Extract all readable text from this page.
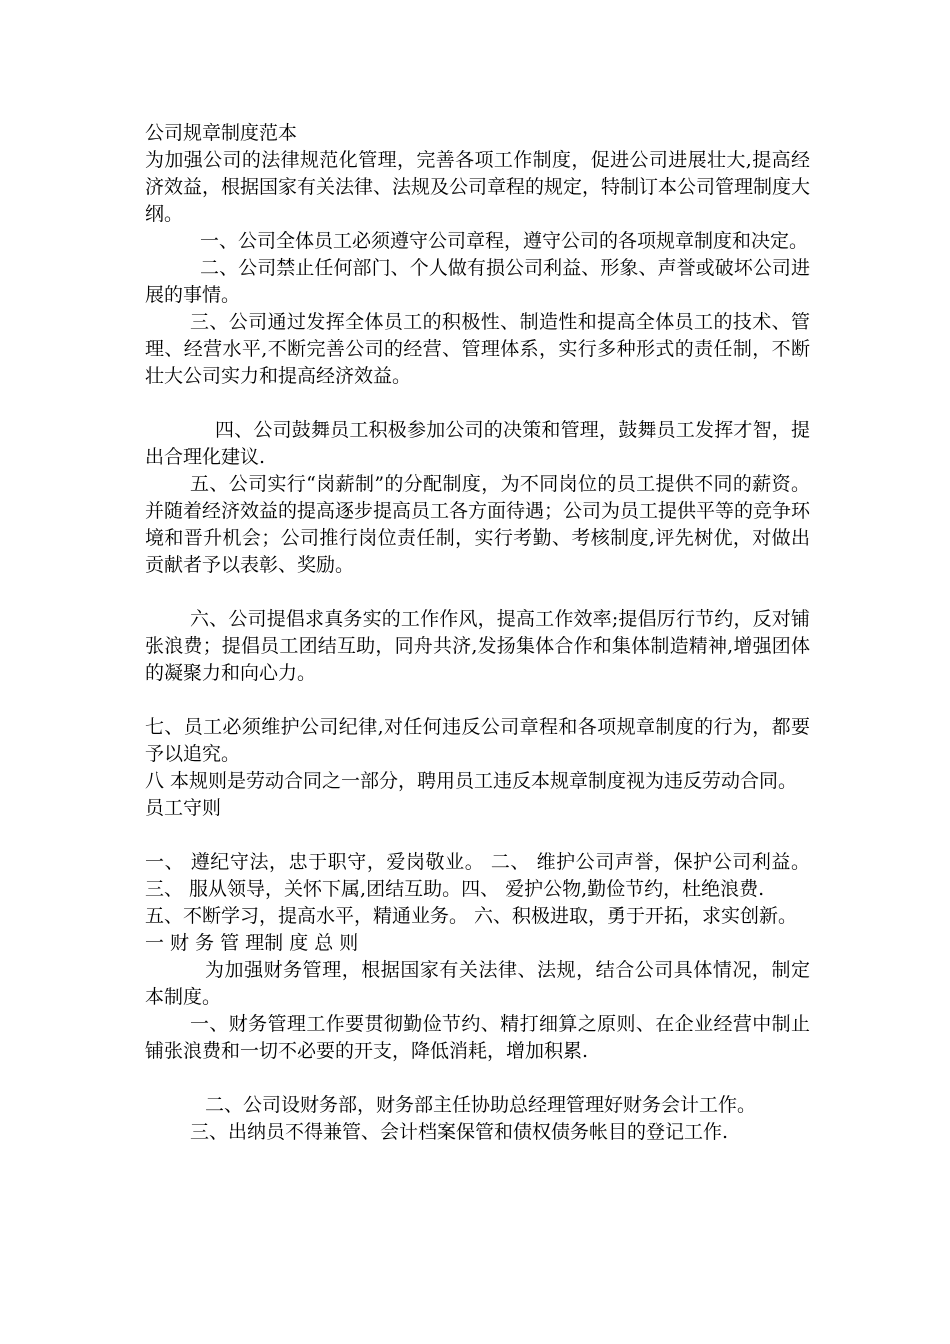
公司规章制度范本

为加强公司的法律规范化管理，完善各项工作制度，促进公司进展壮大,提高经济效益，根据国家有关法律、法规及公司章程的规定，特制订本公司管理制度大纲。

一、公司全体员工必须遵守公司章程，遵守公司的各项规章制度和决定。

二、公司禁止任何部门、个人做有损公司利益、形象、声誉或破坏公司进展的事情。

三、公司通过发挥全体员工的积极性、制造性和提高全体员工的技术、管理、经营水平,不断完善公司的经营、管理体系，实行多种形式的责任制，不断壮大公司实力和提高经济效益。

四、公司鼓舞员工积极参加公司的决策和管理，鼓舞员工发挥才智，提出合理化建议.

五、公司实行“岗薪制”的分配制度，为不同岗位的员工提供不同的薪资。并随着经济效益的提高逐步提高员工各方面待遇；公司为员工提供平等的竞争环境和晋升机会；公司推行岗位责任制，实行考勤、考核制度,评先树优，对做出贡献者予以表彰、奖励。

六、公司提倡求真务实的工作作风，提高工作效率;提倡厉行节约，反对铺张浪费；提倡员工团结互助，同舟共济,发扬集体合作和集体制造精神,增强团体的凝聚力和向心力。

七、员工必须维护公司纪律,对任何违反公司章程和各项规章制度的行为，都要予以追究。

八 本规则是劳动合同之一部分，聘用员工违反本规章制度视为违反劳动合同。

员工守则

一、 遵纪守法，忠于职守，爱岗敬业。 二、 维护公司声誉，保护公司利益。 三、 服从领导，关怀下属,团结互助。四、 爱护公物,勤俭节约，杜绝浪费.

五、不断学习，提高水平，精通业务。 六、积极进取，勇于开拓，求实创新。

一 财 务 管 理制 度 总 则

为加强财务管理，根据国家有关法律、法规，结合公司具体情况，制定本制度。

一、财务管理工作要贯彻勤俭节约、精打细算之原则、在企业经营中制止铺张浪费和一切不必要的开支，降低消耗，增加积累.

二、公司设财务部，财务部主任协助总经理管理好财务会计工作。

三、出纳员不得兼管、会计档案保管和债权债务帐目的登记工作.
